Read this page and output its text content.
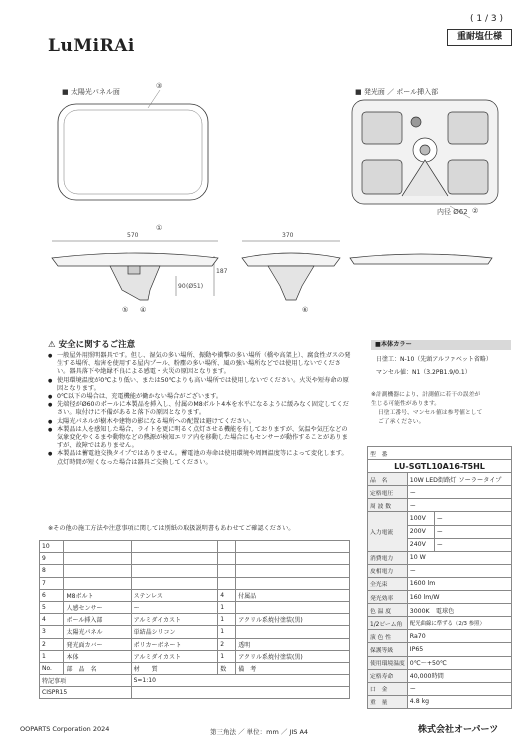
( 1 / 3 )
LuMiRAi	重耐塩仕様
■ 太陽光パネル面	■ 発光面 ／ ポール挿入部
570	370
187
90 (Ø51)
内径 Ø62
③
②
①
⑤ ④	⑥
⚠ 安全に関するご注意
● 一般屋外用照明器具です。但し、湿気の多い場所、振動や衝撃の多い場所（橋や高架上）、腐食性ガスの発生する場所、塩害を使用する屋内プール、粉塵の多い場所、風の強い場所などでは使用しないでください。器具落下や絶縁不良による感電・火災の原因となります。
● 使用環境温度が0℃より低い、または50℃よりも高い場所では使用しないでください。火災や短寿命の原因となります。
● 0℃以下の場合は、充電機能が働かない場合がございます。
● 先端径がØ60のポールに本製品を挿入し、付属のM8ボルト4本を水平になるように緩みなく固定してください。取付けに不備があると落下の原因となります。
● 太陽光パネルが樹木や建物の影になる場所への配置は避けてください。
● 本製品は人を感知した場合、ライトを更に明るく点灯させる機能を有しておりますが、気温や気圧などの気象変化やくるまや動物などの熱源が検知エリア内を移動した場合にもセンサーが動作することがありますが、故障ではありません。
● 本製品は蓄電池交換タイプではありません。蓄電池の寿命は使用環境や周囲温度等によって変化します。点灯時間が短くなった場合は器具ご交換してください。
※その他の施工方法や注意事項に関しては別紙の取扱説明書もあわせてご確認ください。
■本体カラー
日塗工：N-10（先頭アルファベット省略）
マンセル値：N1（3.2PB1.9/0.1）
※計測機器により、計測値に若干の誤差が
生じる可能性があります。
日塗工番号、マンセル値は参考値として
ご了承ください。
10				
9				
8				
7				
6	M8ボルト	ステンレス	4	付属品
5	人感センサー	ー	1	
4	ポール挿入部	アルミダイカスト	1	アクリル系焼付塗装(黒)
3	太陽光パネル	単結晶シリコン	1	
2	発光面カバー	ポリカーボネート	2	透明
1	本体	アルミダイカスト	1	アクリル系焼付塗装(黒)
No.	部　品　名	材　　質	数	備　考
特記事項		S=1:10		
CISPR15				
型　番		
LU-SGTL10A16-T5HL		
品　名	10W LED街路灯 ソーラータイプ	
定格電圧	ー	
周 波 数	ー	
入力電流	100V	ー
	200V	ー
	240V	ー
消費電力	10 W	
皮相電力	ー	
全光束	1600 lm	
発光効率	160 lm/W	
色 温 度	3000K　電球色	
1/2ビーム角	配光曲線に準ずる（2/3 参照）	
演 色 性	Ra70	
保護等級	IP65	
使用環境温度	0℃〜+50℃	
定格寿命	40,000時間	
口　金	ー	
重　量	4.8 kg	
OOPARTS Corporation 2024	第三角法 ／ 単位：mm ／ JIS A4	株式会社オーパーツ
